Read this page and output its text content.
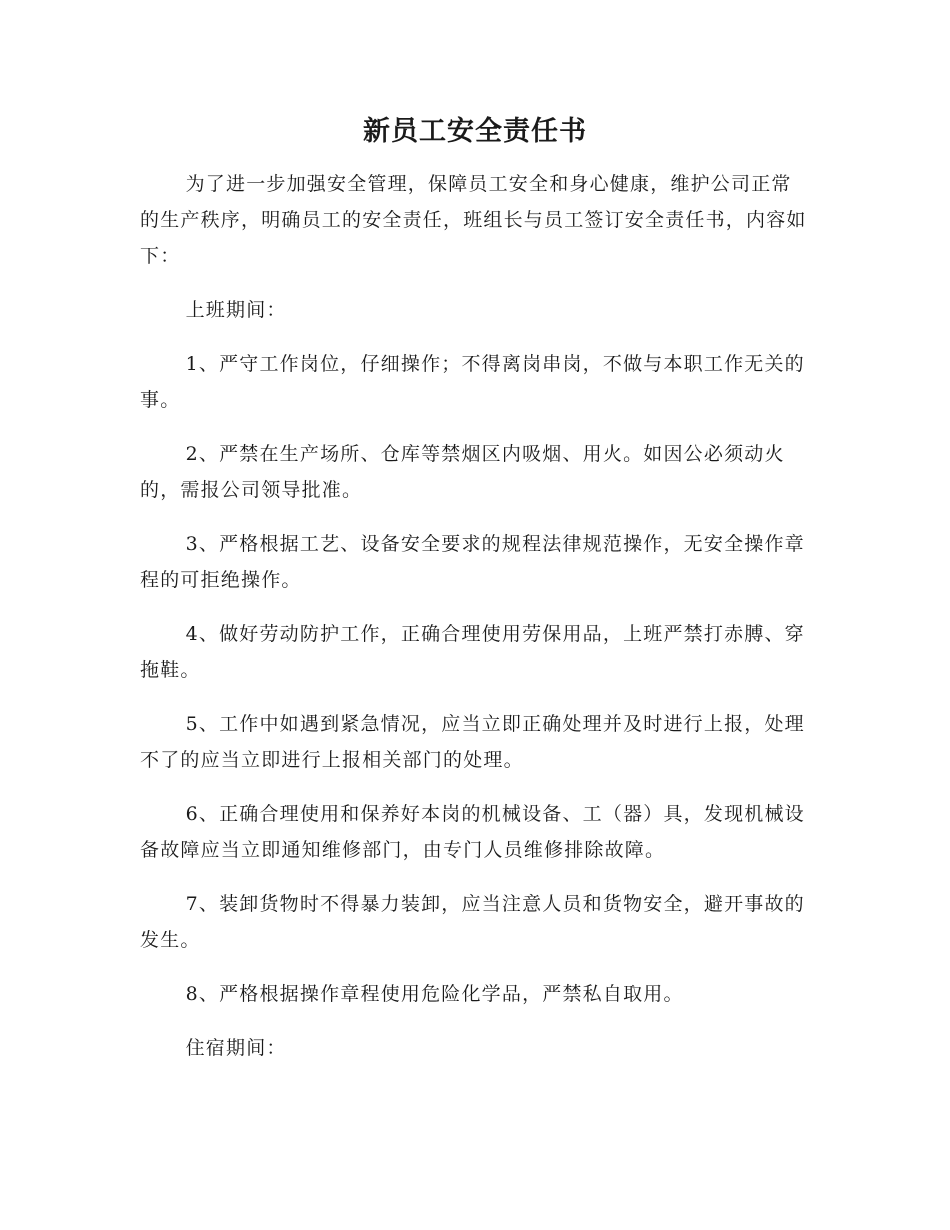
新员工安全责任书

为了进一步加强安全管理，保障员工安全和身心健康，维护公司正常的生产秩序，明确员工的安全责任，班组长与员工签订安全责任书，内容如下：

上班期间：

1、严守工作岗位，仔细操作；不得离岗串岗，不做与本职工作无关的事。

2、严禁在生产场所、仓库等禁烟区内吸烟、用火。如因公必须动火的，需报公司领导批准。

3、严格根据工艺、设备安全要求的规程法律规范操作，无安全操作章程的可拒绝操作。

4、做好劳动防护工作，正确合理使用劳保用品，上班严禁打赤膊、穿拖鞋。

5、工作中如遇到紧急情况，应当立即正确处理并及时进行上报，处理不了的应当立即进行上报相关部门的处理。

6、正确合理使用和保养好本岗的机械设备、工（器）具，发现机械设备故障应当立即通知维修部门，由专门人员维修排除故障。

7、装卸货物时不得暴力装卸，应当注意人员和货物安全，避开事故的发生。

8、严格根据操作章程使用危险化学品，严禁私自取用。

住宿期间：
